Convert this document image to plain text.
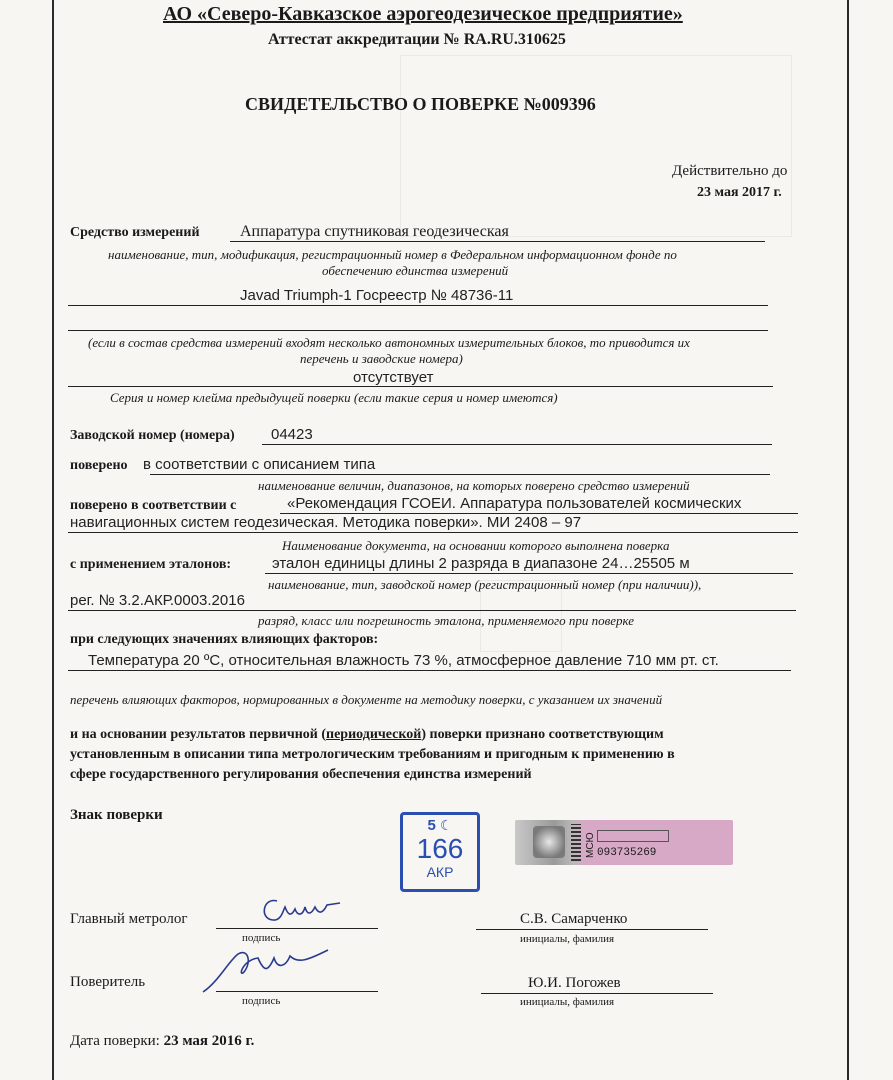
АО «Северо-Кавказское аэрогеодезическое предприятие»
Аттестат аккредитации № RA.RU.310625
СВИДЕТЕЛЬСТВО О ПОВЕРКЕ №009396
Действительно до
23 мая 2017 г.
Средство измерений	Аппаратура спутниковая геодезическая
наименование, тип, модификация, регистрационный номер в Федеральном информационном фонде по
обеспечению единства измерений
Javad Triumph-1 Госреестр № 48736-11
(если в состав средства измерений входят несколько автономных измерительных блоков, то приводится их
перечень и заводские номера)
отсутствует
Серия и номер клейма предыдущей поверки (если такие серия и номер имеются)
Заводской номер (номера) 04423
поверено в соответствии с описанием типа
наименование величин, диапазонов, на которых поверено средство измерений
поверено в соответствии с	«Рекомендация ГСОЕИ. Аппаратура пользователей космических
навигационных систем геодезическая. Методика поверки». МИ 2408 – 97
Наименование документа, на основании которого выполнена поверка
с применением эталонов:	эталон единицы длины 2 разряда в диапазоне 24…25505 м
наименование, тип, заводской номер (регистрационный номер (при наличии)),
рег. № 3.2.АКР.0003.2016
разряд, класс или погрешность эталона, применяемого при поверке
при следующих значениях влияющих факторов:
Температура 20 ºС, относительная влажность 73 %, атмосферное давление 710 мм рт. ст.
перечень влияющих факторов, нормированных в документе на методику поверки, с указанием их значений
и на основании результатов первичной (периодической) поверки признано соответствующим
установленным в описании типа метрологическим требованиям и пригодным к применению в
сфере государственного регулирования обеспечения единства измерений
Знак поверки
5 ☾
166
АКР
МСЮ 093735269
Главный метролог
подпись
С.В. Самарченко
инициалы, фамилия
Поверитель
подпись
Ю.И. Погожев
инициалы, фамилия
Дата поверки: 23 мая 2016 г.
